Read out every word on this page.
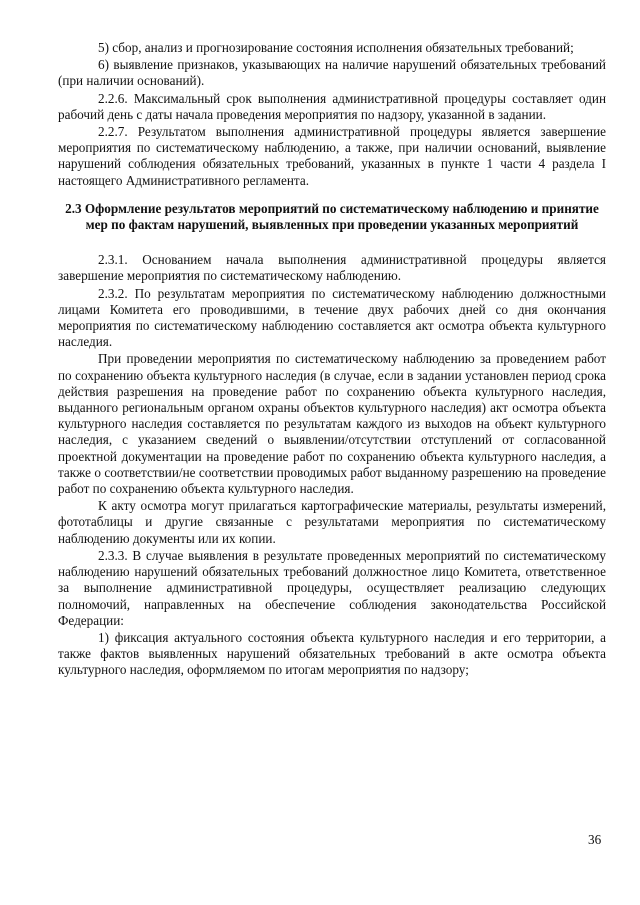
5) сбор, анализ и прогнозирование состояния исполнения обязательных требований;

6) выявление признаков, указывающих на наличие нарушений обязательных требований (при наличии оснований).

2.2.6. Максимальный срок выполнения административной процедуры составляет один рабочий день с даты начала проведения мероприятия по надзору, указанной в задании.

2.2.7. Результатом выполнения административной процедуры является завершение мероприятия по систематическому наблюдению, а также, при наличии оснований, выявление нарушений соблюдения обязательных требований, указанных в пункте 1 части 4 раздела I настоящего Административного регламента.

2.3 Оформление результатов мероприятий по систематическому наблюдению и принятие мер по фактам нарушений, выявленных при проведении указанных мероприятий

2.3.1. Основанием начала выполнения административной процедуры является завершение мероприятия по систематическому наблюдению.

2.3.2. По результатам мероприятия по систематическому наблюдению должностными лицами Комитета его проводившими, в течение двух рабочих дней со дня окончания мероприятия по систематическому наблюдению составляется акт осмотра объекта культурного наследия.

При проведении мероприятия по систематическому наблюдению за проведением работ по сохранению объекта культурного наследия (в случае, если в задании установлен период срока действия разрешения на проведение работ по сохранению объекта культурного наследия, выданного региональным органом охраны объектов культурного наследия) акт осмотра объекта культурного наследия составляется по результатам каждого из выходов на объект культурного наследия, с указанием сведений о выявлении/отсутствии отступлений от согласованной проектной документации на проведение работ по сохранению объекта культурного наследия, а также о соответствии/не соответствии проводимых работ выданному разрешению на проведение работ по сохранению объекта культурного наследия.

К акту осмотра могут прилагаться картографические материалы, результаты измерений, фототаблицы и другие связанные с результатами мероприятия по систематическому наблюдению документы или их копии.

2.3.3. В случае выявления в результате проведенных мероприятий по систематическому наблюдению нарушений обязательных требований должностное лицо Комитета, ответственное за выполнение административной процедуры, осуществляет реализацию следующих полномочий, направленных на обеспечение соблюдения законодательства Российской Федерации:

1) фиксация актуального состояния объекта культурного наследия и его территории, а также фактов выявленных нарушений обязательных требований в акте осмотра объекта культурного наследия, оформляемом по итогам мероприятия по надзору;

36
